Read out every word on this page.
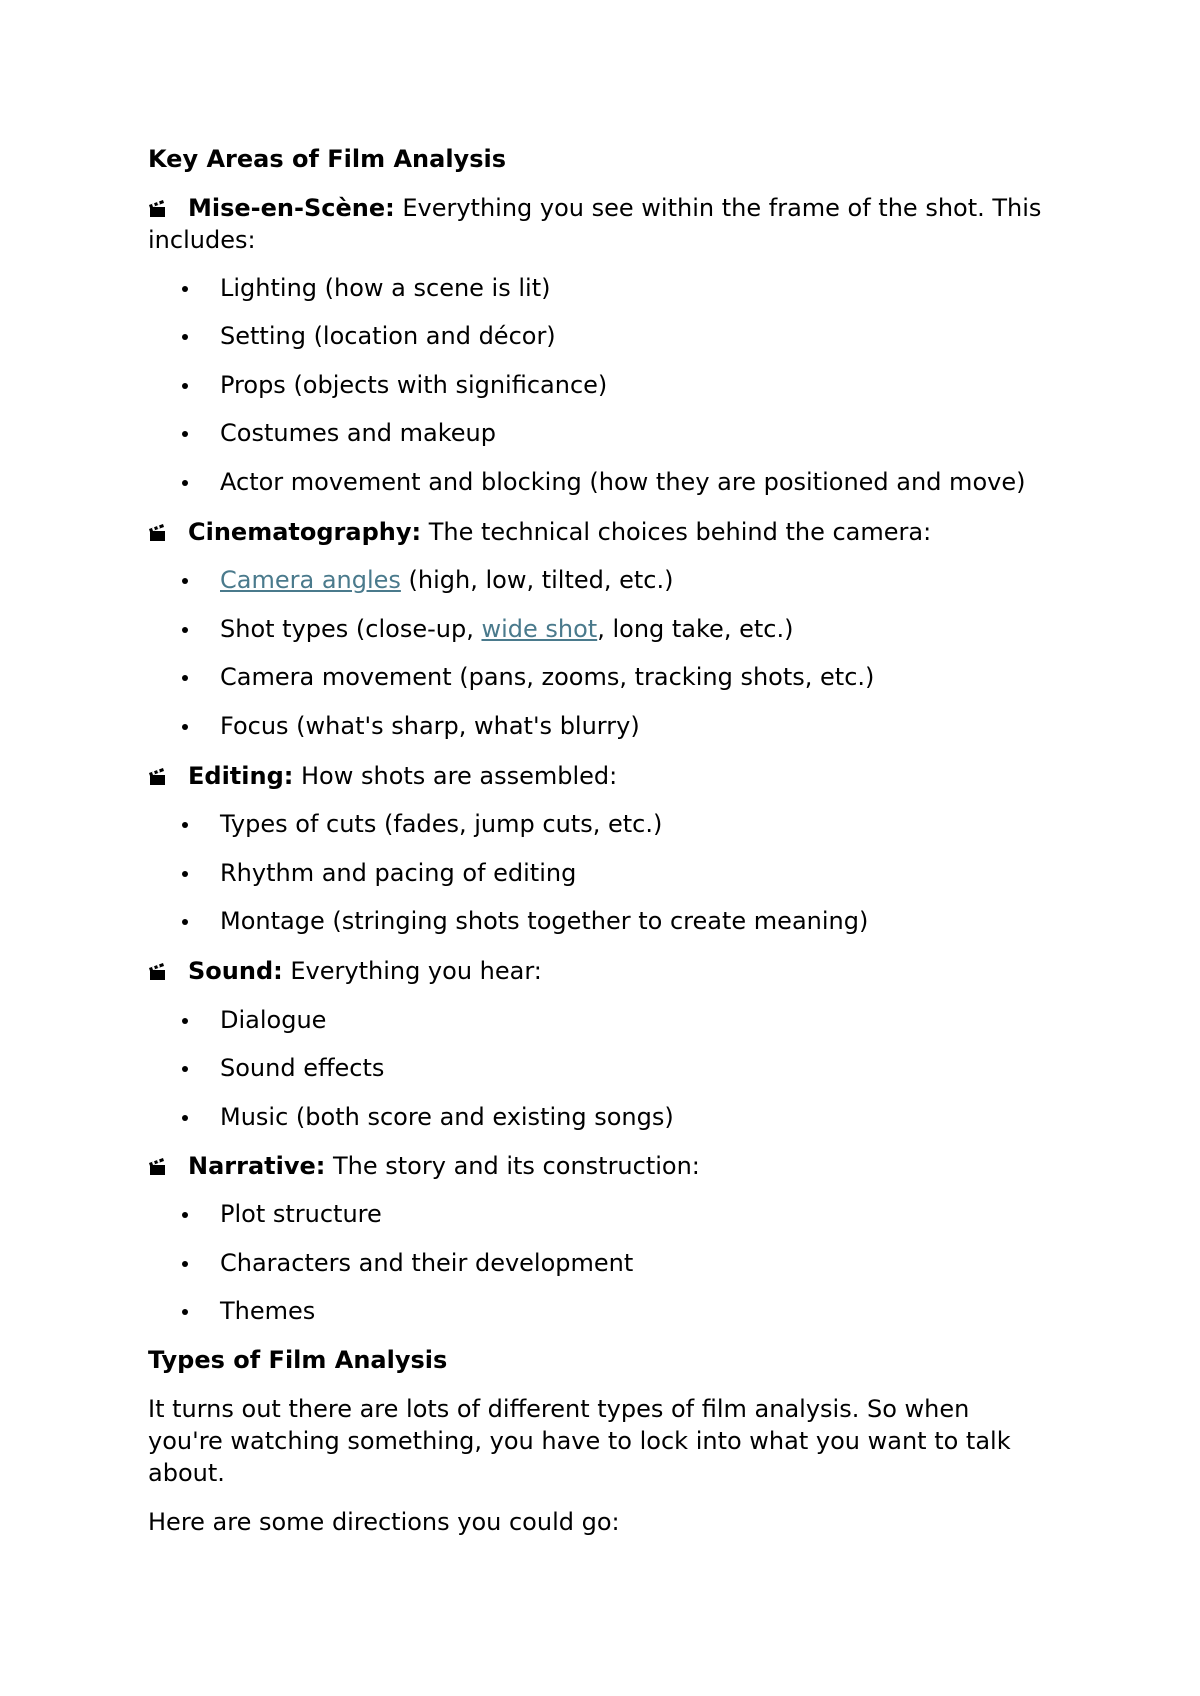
Key Areas of Film Analysis
Mise-en-Scène: Everything you see within the frame of the shot. This
includes:
Lighting (how a scene is lit)
Setting (location and décor)
Props (objects with significance)
Costumes and makeup
Actor movement and blocking (how they are positioned and move)
Cinematography: The technical choices behind the camera:
Camera angles (high, low, tilted, etc.)
Shot types (close-up, wide shot, long take, etc.)
Camera movement (pans, zooms, tracking shots, etc.)
Focus (what's sharp, what's blurry)
Editing: How shots are assembled:
Types of cuts (fades, jump cuts, etc.)
Rhythm and pacing of editing
Montage (stringing shots together to create meaning)
Sound: Everything you hear:
Dialogue
Sound effects
Music (both score and existing songs)
Narrative: The story and its construction:
Plot structure
Characters and their development
Themes
Types of Film Analysis
It turns out there are lots of different types of film analysis. So when
you're watching something, you have to lock into what you want to talk
about.
Here are some directions you could go:
